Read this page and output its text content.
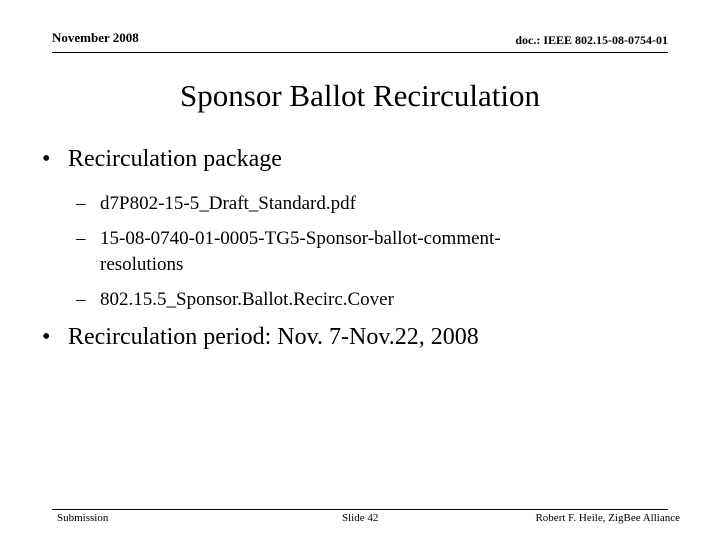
November 2008	doc.: IEEE 802.15-08-0754-01
Sponsor Ballot Recirculation
• Recirculation package
– d7P802-15-5_Draft_Standard.pdf
– 15-08-0740-01-0005-TG5-Sponsor-ballot-comment-
resolutions
– 802.15.5_Sponsor.Ballot.Recirc.Cover
• Recirculation period: Nov. 7-Nov.22, 2008
Submission	Slide 42	Robert F. Heile, ZigBee Alliance
